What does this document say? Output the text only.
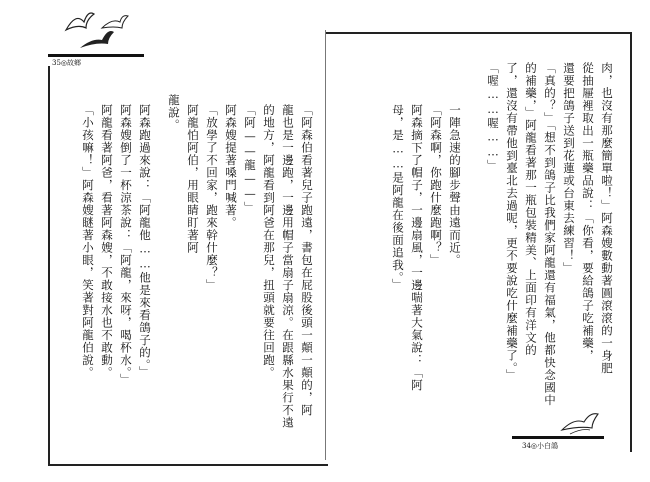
35◎故鄉
34◎小白鴿
「阿森伯看著兒子跑遠，書包在屁股後頭一顛一顛的，阿
龍也是一邊跑，一邊用帽子當扇子扇涼。在跟縣水果行不遠
的地方，阿龍看到阿爸在那兒，扭頭就要往回跑。
「阿——龍——」
阿森嫂提著嗓門喊著。
「放學了不回家，跑來幹什麼？」
阿龍怕阿伯，用眼睛盯著阿
龍說。
阿森跑過來說：「阿龍他……他是來看鴿子的。」
阿森嫂倒了一杯涼茶說：「阿龍，來呀，喝杯水。」
阿龍看著阿爸，看著阿森嫂，不敢接水也不敢動。
「小孩嘛！」阿森嫂瞇著小眼，笑著對阿龍伯說。	肉，也沒有那麼簡單啦！」阿森嫂數動著圓滾滾的一身肥
從抽屜裡取出一瓶藥品說：「你看，要給鴿子吃補藥，
還要把鴿子送到花蓮或台東去練習！」
「真的？」「想不到鴿子比我們家阿龍還有福氣，他都快念國中
的補藥，」阿龍看著那一瓶包裝精美、上面印有洋文的
了，還沒有帶他到臺北去過呢，更不要說吃什麼補藥了。」
「喔……喔……」
一陣急速的腳步聲由遠而近。
「阿森啊，你跑什麼跑啊？」
阿森摘下了帽子，一邊扇風，一邊喘著大氣說：「阿
母，是……是阿龍在後面追我。」
